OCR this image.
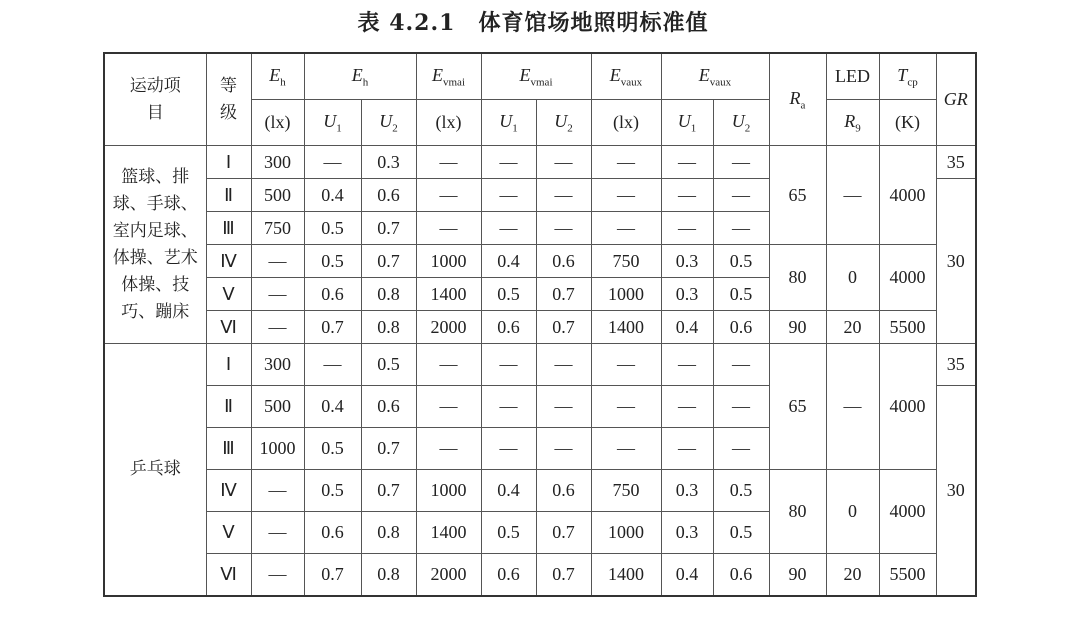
表 4.2.1　体育馆场地照明标准值
运动项目	等级	$E_h$	$E_h$		$E_{vmai}$	$E_{vmai}$		$E_{vaux}$	$E_{vaux}$		$R_a$	LED	$T_{cp}$	GR
		(lx)	$U_1$	$U_2$	(lx)	$U_1$	$U_2$	(lx)	$U_1$	$U_2$		$R_9$	(K)	
篮球、排球、手球、室内足球、体操、艺术体操、技巧、蹦床	Ⅰ	300	—	0.3	—	—	—	—	—	—	65	—	4000	35
	Ⅱ	500	0.4	0.6	—	—	—	—	—	—				30
	Ⅲ	750	0.5	0.7	—	—	—	—	—	—				
	Ⅳ	—	0.5	0.7	1000	0.4	0.6	750	0.3	0.5	80	0	4000	
	Ⅴ	—	0.6	0.8	1400	0.5	0.7	1000	0.3	0.5				
	Ⅵ	—	0.7	0.8	2000	0.6	0.7	1400	0.4	0.6	90	20	5500	
乒乓球	Ⅰ	300	—	0.5	—	—	—	—	—	—	65	—	4000	35
	Ⅱ	500	0.4	0.6	—	—	—	—	—	—				30
	Ⅲ	1000	0.5	0.7	—	—	—	—	—	—				
	Ⅳ	—	0.5	0.7	1000	0.4	0.6	750	0.3	0.5	80	0	4000	
	Ⅴ	—	0.6	0.8	1400	0.5	0.7	1000	0.3	0.5				
	Ⅵ	—	0.7	0.8	2000	0.6	0.7	1400	0.4	0.6	90	20	5500	
